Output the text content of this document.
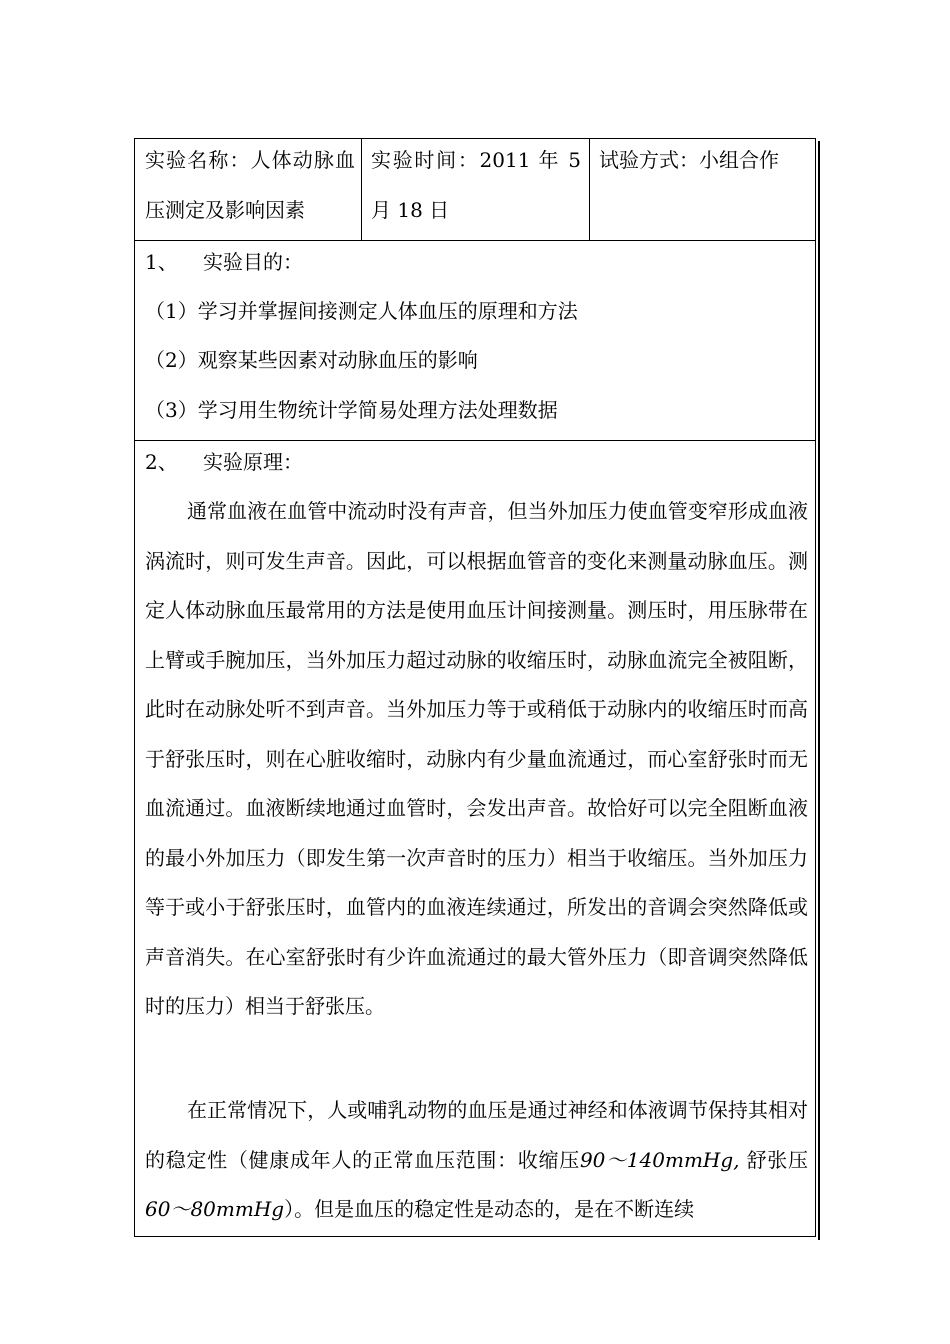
实验名称：人体动脉血压测定及影响因素
实验时间：2011 年 5 月 18 日
试验方式：小组合作
1、 实验目的：
（1）学习并掌握间接测定人体血压的原理和方法
（2）观察某些因素对动脉血压的影响
（3）学习用生物统计学简易处理方法处理数据
2、 实验原理：
通常血液在血管中流动时没有声音，但当外加压力使血管变窄形成血液涡流时，则可发生声音。因此，可以根据血管音的变化来测量动脉血压。测定人体动脉血压最常用的方法是使用血压计间接测量。测压时，用压脉带在上臂或手腕加压，当外加压力超过动脉的收缩压时，动脉血流完全被阻断，此时在动脉处听不到声音。当外加压力等于或稍低于动脉内的收缩压时而高于舒张压时，则在心脏收缩时，动脉内有少量血流通过，而心室舒张时而无血流通过。血液断续地通过血管时，会发出声音。故恰好可以完全阻断血液的最小外加压力（即发生第一次声音时的压力）相当于收缩压。当外加压力等于或小于舒张压时，血管内的血液连续通过，所发出的音调会突然降低或声音消失。在心室舒张时有少许血流通过的最大管外压力（即音调突然降低时的压力）相当于舒张压。
在正常情况下，人或哺乳动物的血压是通过神经和体液调节保持其相对的稳定性（健康成年人的正常血压范围：收缩压90～140mmHg, 舒张压 60～80mmHg）。但是血压的稳定性是动态的，是在不断连续
